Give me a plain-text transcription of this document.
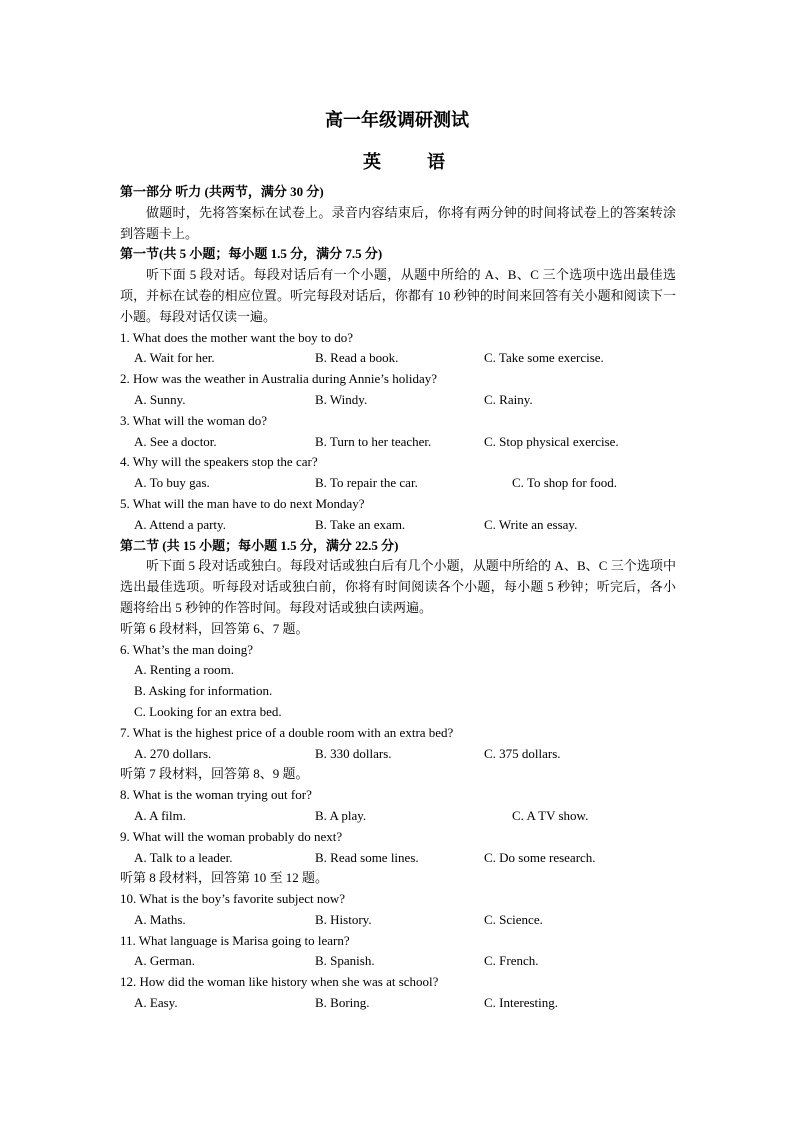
高一年级调研测试
英　语
第一部分 听力 (共两节，满分 30 分)
做题时，先将答案标在试卷上。录音内容结束后，你将有两分钟的时间将试卷上的答案转涂到答题卡上。
第一节(共 5 小题；每小题 1.5 分，满分 7.5 分)
听下面 5 段对话。每段对话后有一个小题，从题中所给的 A、B、C 三个选项中选出最佳选项，并标在试卷的相应位置。听完每段对话后，你都有 10 秒钟的时间来回答有关小题和阅读下一小题。每段对话仅读一遍。
1. What does the mother want the boy to do?
A. Wait for her.	B. Read a book.	C. Take some exercise.
2. How was the weather in Australia during Annie’s holiday?
A. Sunny.	B. Windy.	C. Rainy.
3. What will the woman do?
A. See a doctor.	B. Turn to her teacher.	C. Stop physical exercise.
4. Why will the speakers stop the car?
A. To buy gas.	B. To repair the car.	C. To shop for food.
5. What will the man have to do next Monday?
A. Attend a party.	B. Take an exam.	C. Write an essay.
第二节 (共 15 小题；每小题 1.5 分，满分 22.5 分)
听下面 5 段对话或独白。每段对话或独白后有几个小题，从题中所给的 A、B、C 三个选项中选出最佳选项。听每段对话或独白前，你将有时间阅读各个小题，每小题 5 秒钟；听完后，各小题将给出 5 秒钟的作答时间。每段对话或独白读两遍。
听第 6 段材料，回答第 6、7 题。
6. What’s the man doing?
A. Renting a room.
B. Asking for information.
C. Looking for an extra bed.
7. What is the highest price of a double room with an extra bed?
A. 270 dollars.	B. 330 dollars.	C. 375 dollars.
听第 7 段材料，回答第 8、9 题。
8. What is the woman trying out for?
A. A film.	B. A play.	C. A TV show.
9. What will the woman probably do next?
A. Talk to a leader.	B. Read some lines.	C. Do some research.
听第 8 段材料，回答第 10 至 12 题。
10. What is the boy’s favorite subject now?
A. Maths.	B. History.	C. Science.
11. What language is Marisa going to learn?
A. German.	B. Spanish.	C. French.
12. How did the woman like history when she was at school?
A. Easy.	B. Boring.	C. Interesting.
